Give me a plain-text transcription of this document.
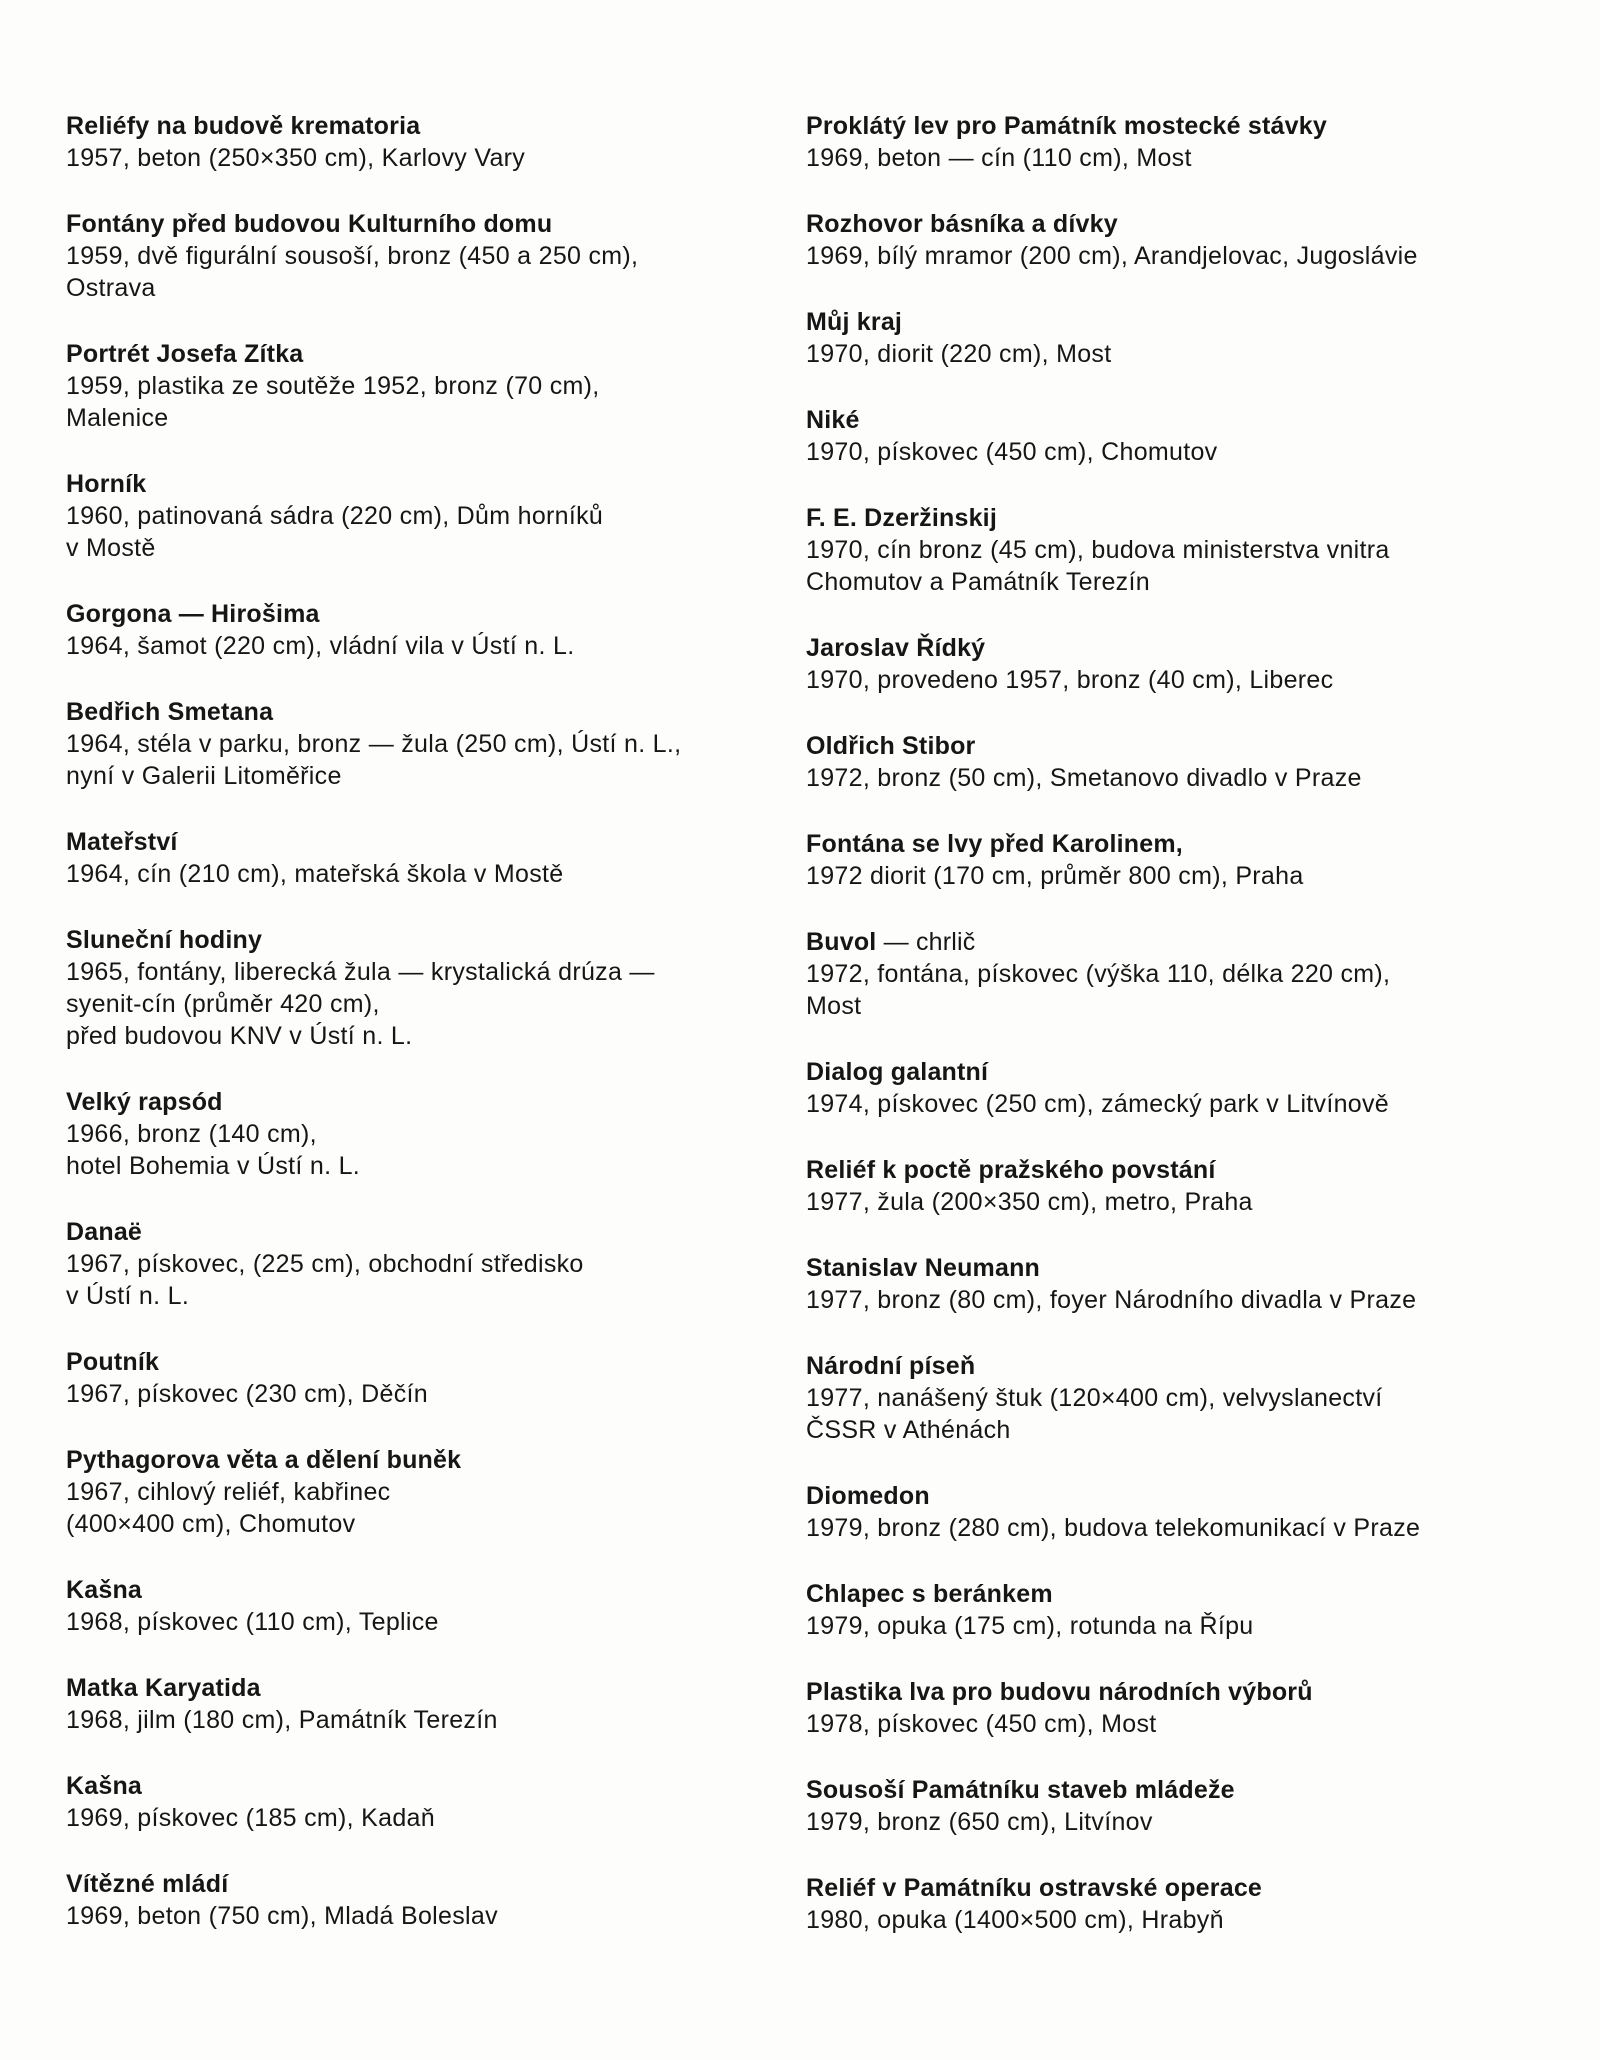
Reliéfy na budově krematoria
1957, beton (250×350 cm), Karlovy Vary
Fontány před budovou Kulturního domu
1959, dvě figurální sousoší, bronz (450 a 250 cm),
Ostrava
Portrét Josefa Zítka
1959, plastika ze soutěže 1952, bronz (70 cm),
Malenice
Horník
1960, patinovaná sádra (220 cm), Dům horníků
v Mostě
Gorgona — Hirošima
1964, šamot (220 cm), vládní vila v Ústí n. L.
Bedřich Smetana
1964, stéla v parku, bronz — žula (250 cm), Ústí n. L.,
nyní v Galerii Litoměřice
Mateřství
1964, cín (210 cm), mateřská škola v Mostě
Sluneční hodiny
1965, fontány, liberecká žula — krystalická drúza —
syenit-cín (průměr 420 cm),
před budovou KNV v Ústí n. L.
Velký rapsód
1966, bronz (140 cm),
hotel Bohemia v Ústí n. L.
Danaë
1967, pískovec, (225 cm), obchodní středisko
v Ústí n. L.
Poutník
1967, pískovec (230 cm), Děčín
Pythagorova věta a dělení buněk
1967, cihlový reliéf, kabřinec
(400×400 cm), Chomutov
Kašna
1968, pískovec (110 cm), Teplice
Matka Karyatida
1968, jilm (180 cm), Památník Terezín
Kašna
1969, pískovec (185 cm), Kadaň
Vítězné mládí
1969, beton (750 cm), Mladá Boleslav
Proklátý lev pro Památník mostecké stávky
1969, beton — cín (110 cm), Most
Rozhovor básníka a dívky
1969, bílý mramor (200 cm), Arandjelovac, Jugoslávie
Můj kraj
1970, diorit (220 cm), Most
Niké
1970, pískovec (450 cm), Chomutov
F. E. Dzeržinskij
1970, cín bronz (45 cm), budova ministerstva vnitra
Chomutov a Památník Terezín
Jaroslav Řídký
1970, provedeno 1957, bronz (40 cm), Liberec
Oldřich Stibor
1972, bronz (50 cm), Smetanovo divadlo v Praze
Fontána se lvy před Karolinem,
1972 diorit (170 cm, průměr 800 cm), Praha
Buvol — chrlič
1972, fontána, pískovec (výška 110, délka 220 cm),
Most
Dialog galantní
1974, pískovec (250 cm), zámecký park v Litvínově
Reliéf k poctě pražského povstání
1977, žula (200×350 cm), metro, Praha
Stanislav Neumann
1977, bronz (80 cm), foyer Národního divadla v Praze
Národní píseň
1977, nanášený štuk (120×400 cm), velvyslanectví
ČSSR v Athénách
Diomedon
1979, bronz (280 cm), budova telekomunikací v Praze
Chlapec s beránkem
1979, opuka (175 cm), rotunda na Řípu
Plastika lva pro budovu národních výborů
1978, pískovec (450 cm), Most
Sousoší Památníku staveb mládeže
1979, bronz (650 cm), Litvínov
Reliéf v Památníku ostravské operace
1980, opuka (1400×500 cm), Hrabyň
